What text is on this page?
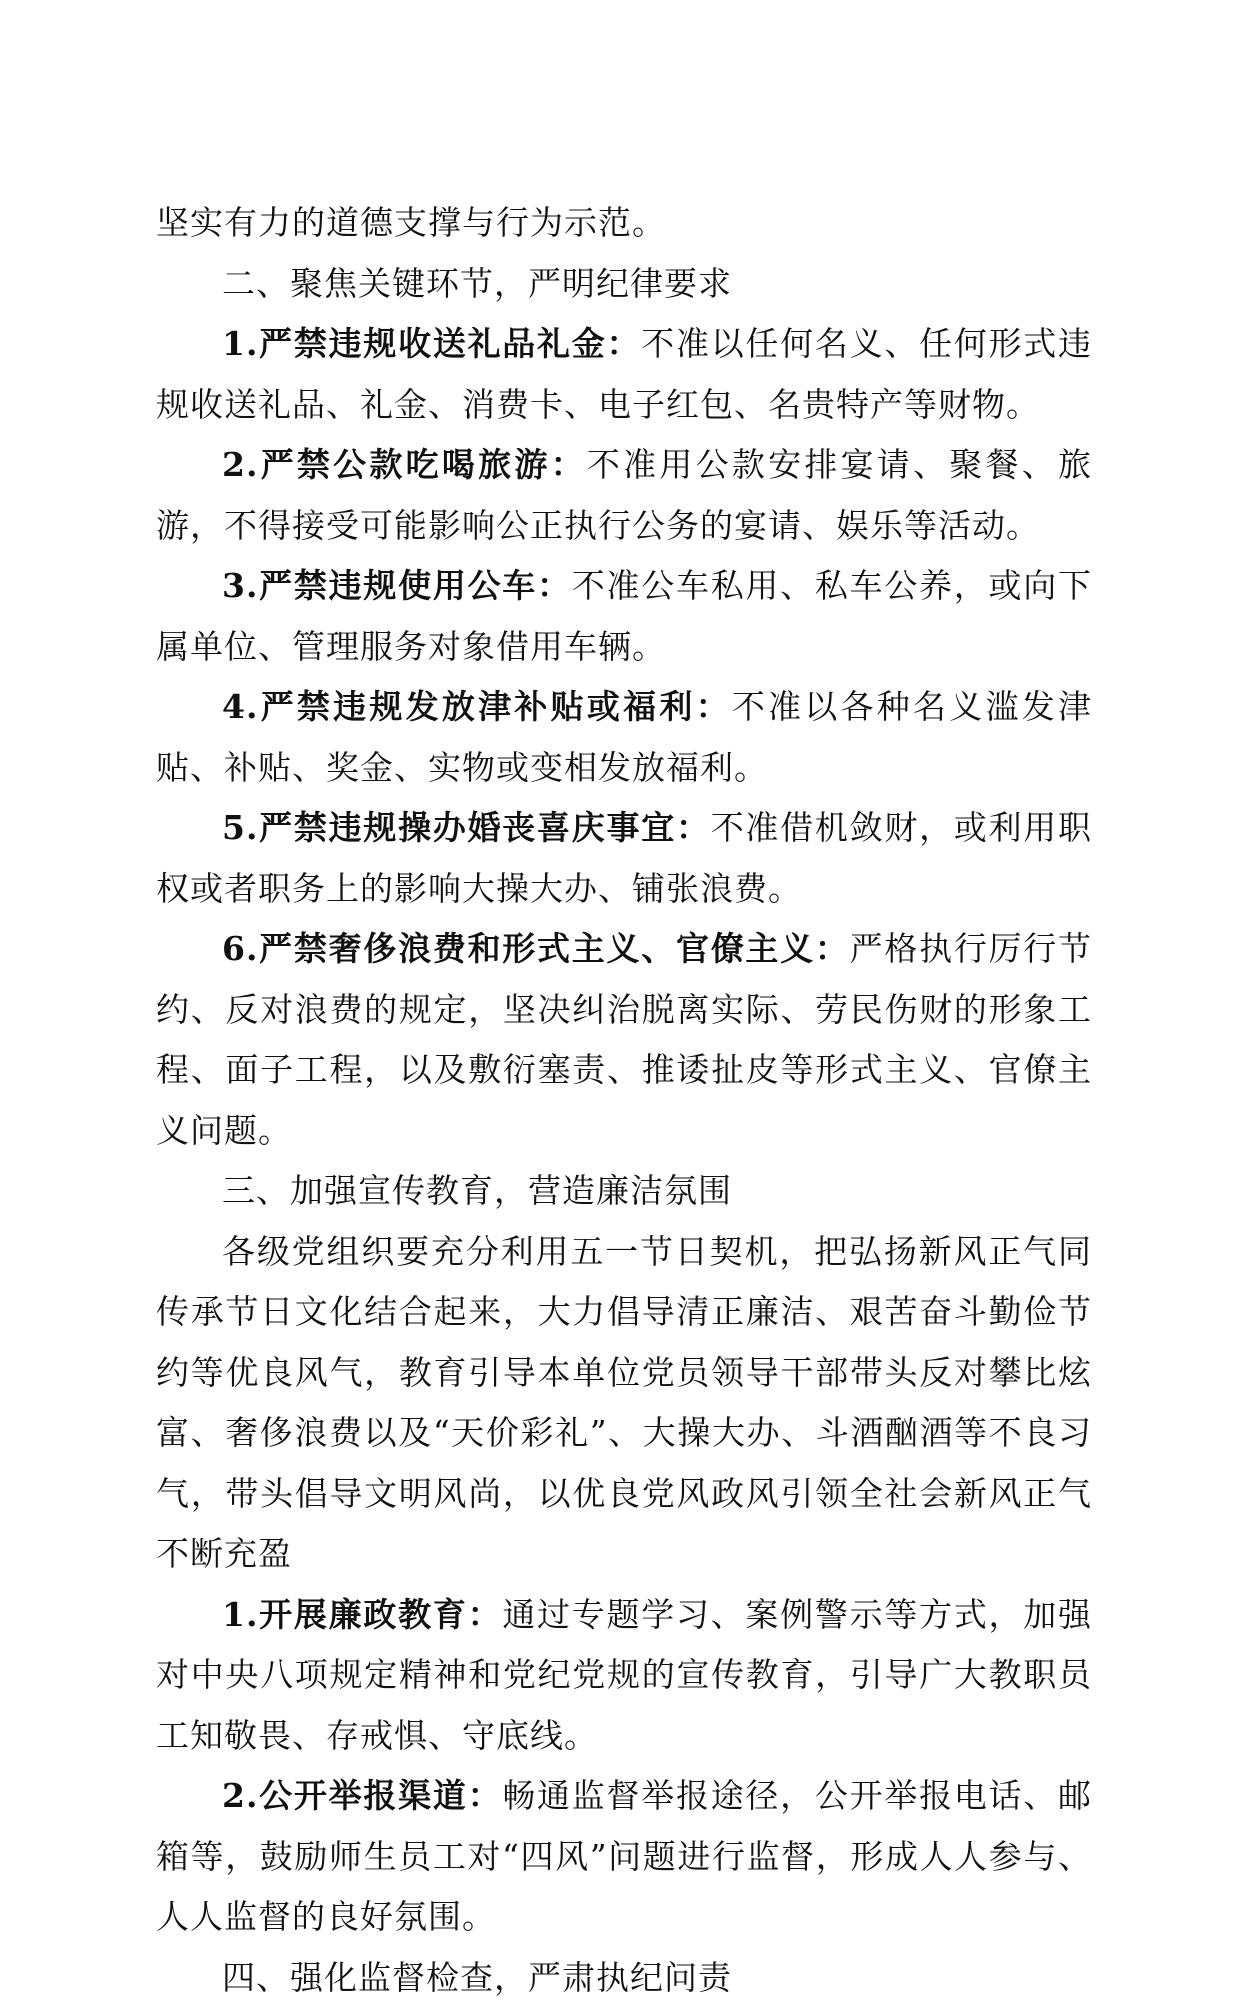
坚实有力的道德支撑与行为示范。

二、聚焦关键环节，严明纪律要求

1.严禁违规收送礼品礼金：不准以任何名义、任何形式违规收送礼品、礼金、消费卡、电子红包、名贵特产等财物。

2.严禁公款吃喝旅游：不准用公款安排宴请、聚餐、旅游，不得接受可能影响公正执行公务的宴请、娱乐等活动。

3.严禁违规使用公车：不准公车私用、私车公养，或向下属单位、管理服务对象借用车辆。

4.严禁违规发放津补贴或福利：不准以各种名义滥发津贴、补贴、奖金、实物或变相发放福利。

5.严禁违规操办婚丧喜庆事宜：不准借机敛财，或利用职权或者职务上的影响大操大办、铺张浪费。

6.严禁奢侈浪费和形式主义、官僚主义：严格执行厉行节约、反对浪费的规定，坚决纠治脱离实际、劳民伤财的形象工程、面子工程，以及敷衍塞责、推诿扯皮等形式主义、官僚主义问题。

三、加强宣传教育，营造廉洁氛围

各级党组织要充分利用五一节日契机，把弘扬新风正气同传承节日文化结合起来，大力倡导清正廉洁、艰苦奋斗勤俭节约等优良风气，教育引导本单位党员领导干部带头反对攀比炫富、奢侈浪费以及“天价彩礼”、大操大办、斗酒酗酒等不良习气，带头倡导文明风尚，以优良党风政风引领全社会新风正气不断充盈

1.开展廉政教育：通过专题学习、案例警示等方式，加强对中央八项规定精神和党纪党规的宣传教育，引导广大教职员工知敬畏、存戒惧、守底线。

2.公开举报渠道：畅通监督举报途径，公开举报电话、邮箱等，鼓励师生员工对“四风”问题进行监督，形成人人参与、人人监督的良好氛围。

四、强化监督检查，严肃执纪问责
